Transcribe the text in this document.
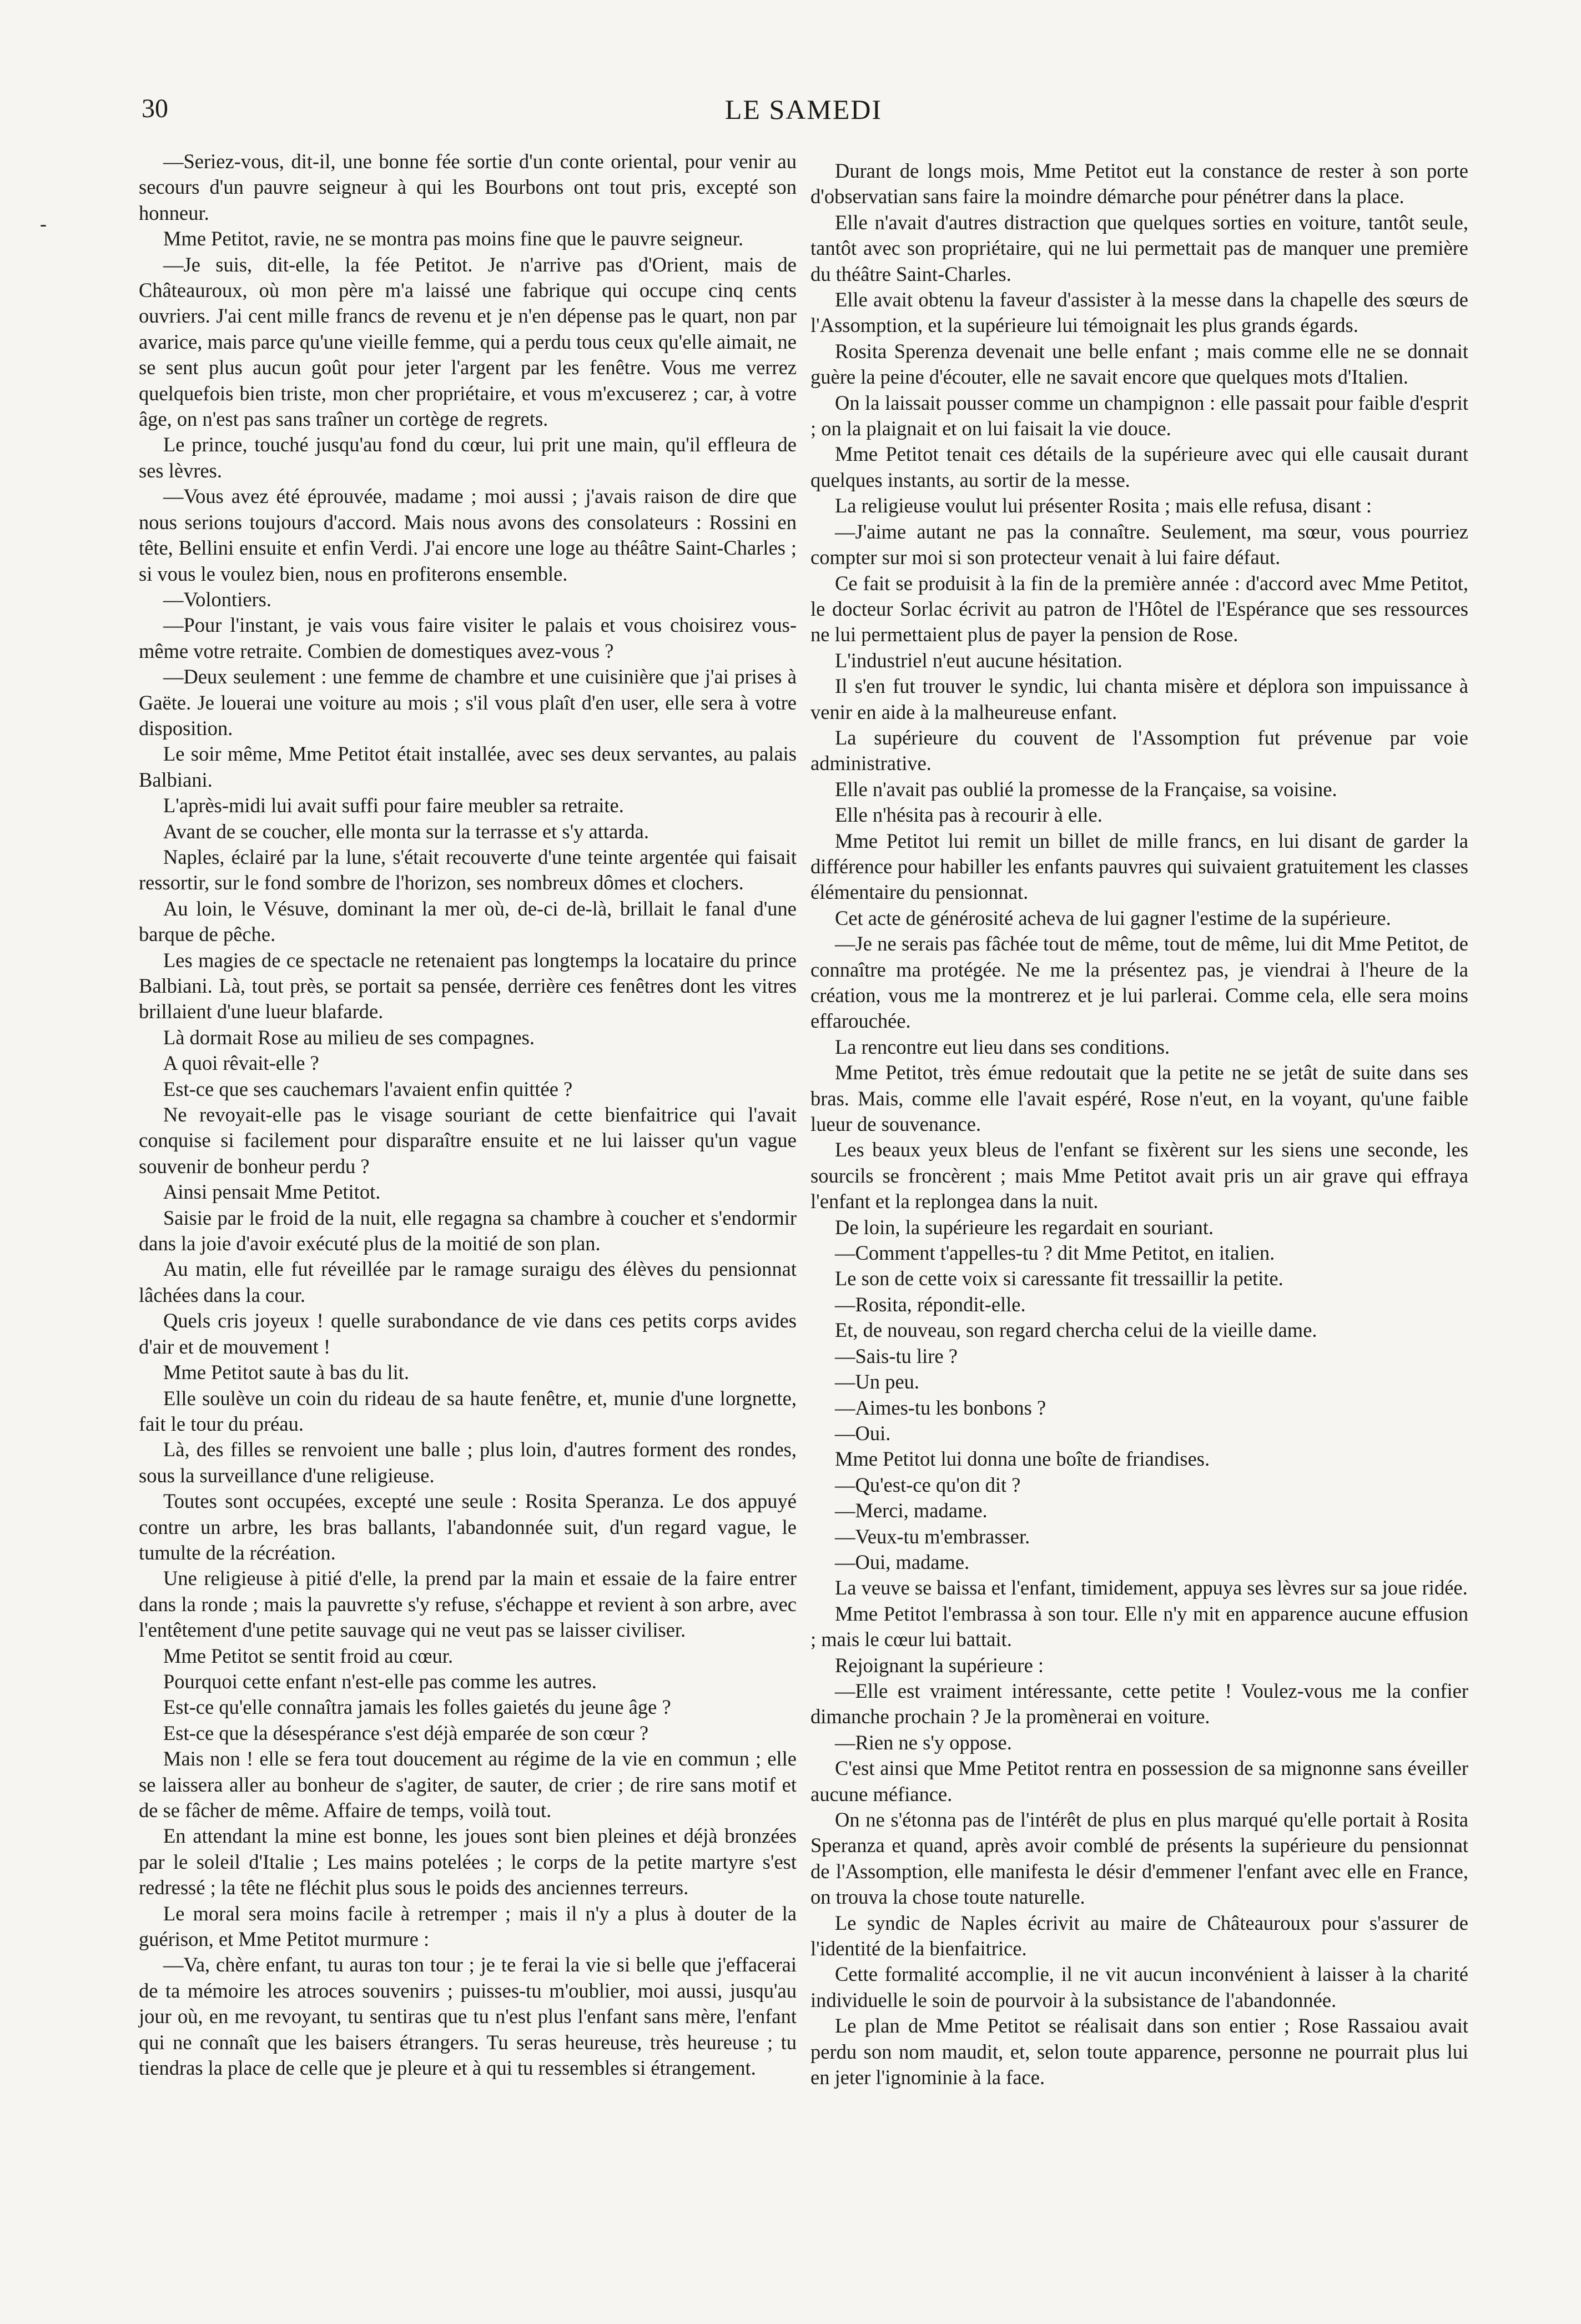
30	LE SAMEDI
-

—Seriez-vous, dit-il, une bonne fée sortie d'un conte oriental, pour venir au secours d'un pauvre seigneur à qui les Bourbons ont tout pris, excepté son honneur.

Mme Petitot, ravie, ne se montra pas moins fine que le pauvre seigneur.

—Je suis, dit-elle, la fée Petitot. Je n'arrive pas d'Orient, mais de Châteauroux, où mon père m'a laissé une fabrique qui occupe cinq cents ouvriers. J'ai cent mille francs de revenu et je n'en dépense pas le quart, non par avarice, mais parce qu'une vieille femme, qui a perdu tous ceux qu'elle aimait, ne se sent plus aucun goût pour jeter l'argent par les fenêtre. Vous me verrez quelquefois bien triste, mon cher propriétaire, et vous m'excuserez ; car, à votre âge, on n'est pas sans traîner un cortège de regrets.

Le prince, touché jusqu'au fond du cœur, lui prit une main, qu'il effleura de ses lèvres.

—Vous avez été éprouvée, madame ; moi aussi ; j'avais raison de dire que nous serions toujours d'accord. Mais nous avons des consolateurs : Rossini en tête, Bellini ensuite et enfin Verdi. J'ai encore une loge au théâtre Saint-Charles ; si vous le voulez bien, nous en profiterons ensemble.

—Volontiers.

—Pour l'instant, je vais vous faire visiter le palais et vous choisirez vous-même votre retraite. Combien de domestiques avez-vous ?

—Deux seulement : une femme de chambre et une cuisinière que j'ai prises à Gaëte. Je louerai une voiture au mois ; s'il vous plaît d'en user, elle sera à votre disposition.

Le soir même, Mme Petitot était installée, avec ses deux servantes, au palais Balbiani.

L'après-midi lui avait suffi pour faire meubler sa retraite.

Avant de se coucher, elle monta sur la terrasse et s'y attarda.

Naples, éclairé par la lune, s'était recouverte d'une teinte argentée qui faisait ressortir, sur le fond sombre de l'horizon, ses nombreux dômes et clochers.

Au loin, le Vésuve, dominant la mer où, de-ci de-là, brillait le fanal d'une barque de pêche.

Les magies de ce spectacle ne retenaient pas longtemps la locataire du prince Balbiani. Là, tout près, se portait sa pensée, derrière ces fenêtres dont les vitres brillaient d'une lueur blafarde.

Là dormait Rose au milieu de ses compagnes.

A quoi rêvait-elle ?

Est-ce que ses cauchemars l'avaient enfin quittée ?

Ne revoyait-elle pas le visage souriant de cette bienfaitrice qui l'avait conquise si facilement pour disparaître ensuite et ne lui laisser qu'un vague souvenir de bonheur perdu ?

Ainsi pensait Mme Petitot.

Saisie par le froid de la nuit, elle regagna sa chambre à coucher et s'endormir dans la joie d'avoir exécuté plus de la moitié de son plan.

Au matin, elle fut réveillée par le ramage suraigu des élèves du pensionnat lâchées dans la cour.

Quels cris joyeux ! quelle surabondance de vie dans ces petits corps avides d'air et de mouvement !

Mme Petitot saute à bas du lit.

Elle soulève un coin du rideau de sa haute fenêtre, et, munie d'une lorgnette, fait le tour du préau.

Là, des filles se renvoient une balle ; plus loin, d'autres forment des rondes, sous la surveillance d'une religieuse.

Toutes sont occupées, excepté une seule : Rosita Speranza. Le dos appuyé contre un arbre, les bras ballants, l'abandonnée suit, d'un regard vague, le tumulte de la récréation.

Une religieuse à pitié d'elle, la prend par la main et essaie de la faire entrer dans la ronde ; mais la pauvrette s'y refuse, s'échappe et revient à son arbre, avec l'entêtement d'une petite sauvage qui ne veut pas se laisser civiliser.

Mme Petitot se sentit froid au cœur.

Pourquoi cette enfant n'est-elle pas comme les autres.

Est-ce qu'elle connaîtra jamais les folles gaietés du jeune âge ?

Est-ce que la désespérance s'est déjà emparée de son cœur ?

Mais non ! elle se fera tout doucement au régime de la vie en commun ; elle se laissera aller au bonheur de s'agiter, de sauter, de crier ; de rire sans motif et de se fâcher de même. Affaire de temps, voilà tout.

En attendant la mine est bonne, les joues sont bien pleines et déjà bronzées par le soleil d'Italie ; Les mains potelées ; le corps de la petite martyre s'est redressé ; la tête ne fléchit plus sous le poids des anciennes terreurs.

Le moral sera moins facile à retremper ; mais il n'y a plus à douter de la guérison, et Mme Petitot murmure :

—Va, chère enfant, tu auras ton tour ; je te ferai la vie si belle que j'effacerai de ta mémoire les atroces souvenirs ; puisses-tu m'oublier, moi aussi, jusqu'au jour où, en me revoyant, tu sentiras que tu n'est plus l'enfant sans mère, l'enfant qui ne connaît que les baisers étrangers. Tu seras heureuse, très heureuse ; tu tiendras la place de celle que je pleure et à qui tu ressembles si étrangement.

Durant de longs mois, Mme Petitot eut la constance de rester à son porte d'observatian sans faire la moindre démarche pour pénétrer dans la place.

Elle n'avait d'autres distraction que quelques sorties en voiture, tantôt seule, tantôt avec son propriétaire, qui ne lui permettait pas de manquer une première du théâtre Saint-Charles.

Elle avait obtenu la faveur d'assister à la messe dans la chapelle des sœurs de l'Assomption, et la supérieure lui témoignait les plus grands égards.

Rosita Sperenza devenait une belle enfant ; mais comme elle ne se donnait guère la peine d'écouter, elle ne savait encore que quelques mots d'Italien.

On la laissait pousser comme un champignon : elle passait pour faible d'esprit ; on la plaignait et on lui faisait la vie douce.

Mme Petitot tenait ces détails de la supérieure avec qui elle causait durant quelques instants, au sortir de la messe.

La religieuse voulut lui présenter Rosita ; mais elle refusa, disant :

—J'aime autant ne pas la connaître. Seulement, ma sœur, vous pourriez compter sur moi si son protecteur venait à lui faire défaut.

Ce fait se produisit à la fin de la première année : d'accord avec Mme Petitot, le docteur Sorlac écrivit au patron de l'Hôtel de l'Espérance que ses ressources ne lui permettaient plus de payer la pension de Rose.

L'industriel n'eut aucune hésitation.

Il s'en fut trouver le syndic, lui chanta misère et déplora son impuissance à venir en aide à la malheureuse enfant.

La supérieure du couvent de l'Assomption fut prévenue par voie administrative.

Elle n'avait pas oublié la promesse de la Française, sa voisine.

Elle n'hésita pas à recourir à elle.

Mme Petitot lui remit un billet de mille francs, en lui disant de garder la différence pour habiller les enfants pauvres qui suivaient gratuitement les classes élémentaire du pensionnat.

Cet acte de générosité acheva de lui gagner l'estime de la supérieure.

—Je ne serais pas fâchée tout de même, tout de même, lui dit Mme Petitot, de connaître ma protégée. Ne me la présentez pas, je viendrai à l'heure de la création, vous me la montrerez et je lui parlerai. Comme cela, elle sera moins effarouchée.

La rencontre eut lieu dans ses conditions.

Mme Petitot, très émue redoutait que la petite ne se jetât de suite dans ses bras. Mais, comme elle l'avait espéré, Rose n'eut, en la voyant, qu'une faible lueur de souvenance.

Les beaux yeux bleus de l'enfant se fixèrent sur les siens une seconde, les sourcils se froncèrent ; mais Mme Petitot avait pris un air grave qui effraya l'enfant et la replongea dans la nuit.

De loin, la supérieure les regardait en souriant.

—Comment t'appelles-tu ? dit Mme Petitot, en italien.

Le son de cette voix si caressante fit tressaillir la petite.

—Rosita, répondit-elle.

Et, de nouveau, son regard chercha celui de la vieille dame.

—Sais-tu lire ?

—Un peu.

—Aimes-tu les bonbons ?

—Oui.

Mme Petitot lui donna une boîte de friandises.

—Qu'est-ce qu'on dit ?

—Merci, madame.

—Veux-tu m'embrasser.

—Oui, madame.

La veuve se baissa et l'enfant, timidement, appuya ses lèvres sur sa joue ridée.

Mme Petitot l'embrassa à son tour. Elle n'y mit en apparence aucune effusion ; mais le cœur lui battait.

Rejoignant la supérieure :

—Elle est vraiment intéressante, cette petite ! Voulez-vous me la confier dimanche prochain ? Je la promènerai en voiture.

—Rien ne s'y oppose.

C'est ainsi que Mme Petitot rentra en possession de sa mignonne sans éveiller aucune méfiance.

On ne s'étonna pas de l'intérêt de plus en plus marqué qu'elle portait à Rosita Speranza et quand, après avoir comblé de présents la supérieure du pensionnat de l'Assomption, elle manifesta le désir d'emmener l'enfant avec elle en France, on trouva la chose toute naturelle.

Le syndic de Naples écrivit au maire de Châteauroux pour s'assurer de l'identité de la bienfaitrice.

Cette formalité accomplie, il ne vit aucun inconvénient à laisser à la charité individuelle le soin de pourvoir à la subsistance de l'abandonnée.

Le plan de Mme Petitot se réalisait dans son entier ; Rose Rassaiou avait perdu son nom maudit, et, selon toute apparence, personne ne pourrait plus lui en jeter l'ignominie à la face.
